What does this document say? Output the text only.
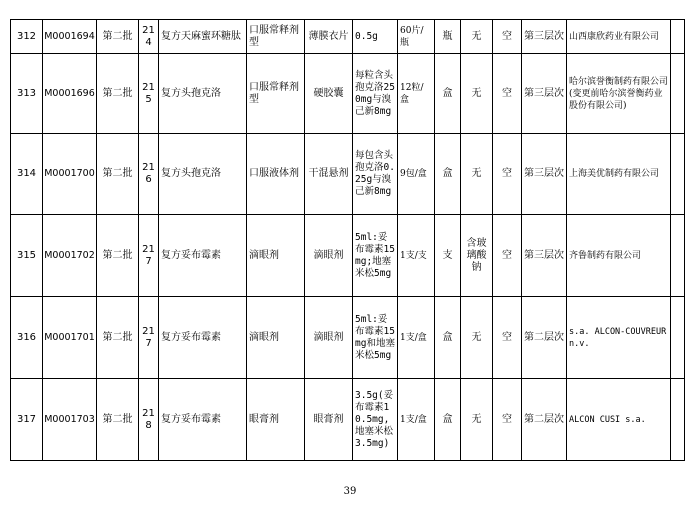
312	M0001694	第二批	214	复方天麻蜜环糖肽	口服常释剂型	薄膜衣片	0.5g	60片/瓶	瓶	无	空	第三层次	山西康欣药业有限公司	
313	M0001696	第二批	215	复方头孢克洛	口服常释剂型	硬胶囊	每粒含头孢克洛250mg与溴己新8mg	12粒/盒	盒	无	空	第三层次	哈尔滨誉衡制药有限公司(变更前哈尔滨誉衡药业股份有限公司)	
314	M0001700	第二批	216	复方头孢克洛	口服液体剂	干混悬剂	每包含头孢克洛0.25g与溴己新8mg	9包/盒	盒	无	空	第三层次	上海美优制药有限公司	
315	M0001702	第二批	217	复方妥布霉素	滴眼剂	滴眼剂	5ml:妥布霉素15mg;地塞米松5mg	1支/支	支	含玻璃酸钠	空	第三层次	齐鲁制药有限公司	
316	M0001701	第二批	217	复方妥布霉素	滴眼剂	滴眼剂	5ml:妥布霉素15mg和地塞米松5mg	1支/盒	盒	无	空	第二层次	s.a. ALCON-COUVREUR n.v.	
317	M0001703	第二批	218	复方妥布霉素	眼膏剂	眼膏剂	3.5g(妥布霉素10.5mg,地塞米松3.5mg)	1支/盒	盒	无	空	第二层次	ALCON CUSI s.a.	
39
